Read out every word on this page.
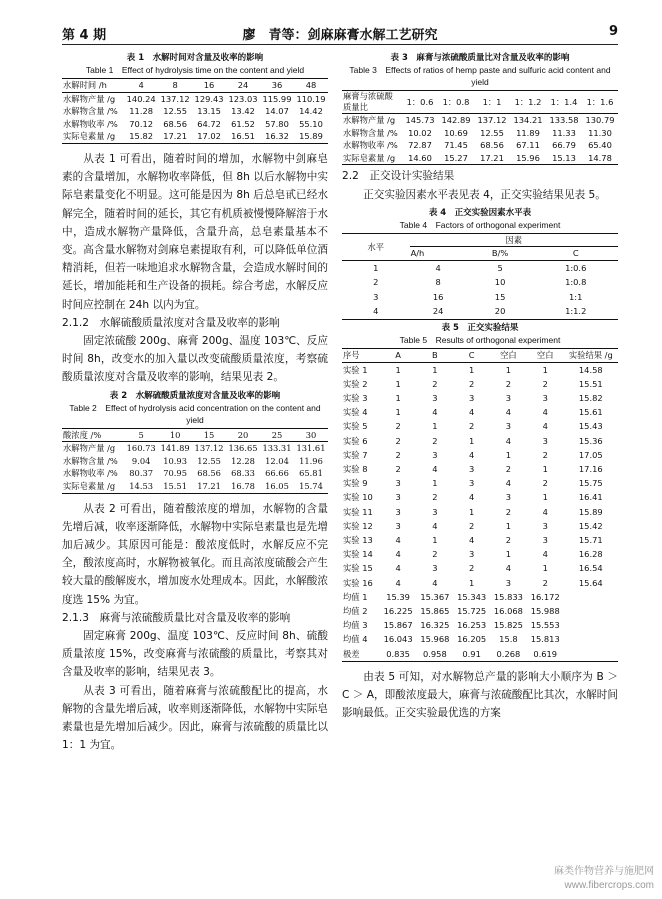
第 4 期	廖　青等：剑麻麻膏水解工艺研究	9
表 1　水解时间对含量及收率的影响
Table 1　Effect of hydrolysis time on the content and yield
水解时间 /h	4	8	16	24	36	48
水解物产量 /g	140.24	137.12	129.43	123.03	115.99	110.19
水解物含量 /%	11.28	12.55	13.15	13.42	14.07	14.42
水解物收率 /%	70.12	68.56	64.72	61.52	57.80	55.10
实际皂素量 /g	15.82	17.21	17.02	16.51	16.32	15.89

从表 1 可看出，随着时间的增加，水解物中剑麻皂素的含量增加，水解物收率降低，但 8h 以后水解物中实际皂素量变化不明显。这可能是因为 8h 后总皂甙已经水解完全，随着时间的延长，其它有机质被慢慢降解溶于水中，造成水解物产量降低，含量升高，总皂素量基本不变。高含量水解物对剑麻皂素提取有利，可以降低单位酒精消耗，但若一味地追求水解物含量，会造成水解时间的延长，增加能耗和生产设备的损耗。综合考虑，水解反应时间应控制在 24h 以内为宜。

2.1.2　水解硫酸质量浓度对含量及收率的影响

固定浓硫酸 200g、麻膏 200g、温度 103℃、反应时间 8h，改变水的加入量以改变硫酸质量浓度，考察硫酸质量浓度对含量及收率的影响，结果见表 2。

表 2　水解硫酸质量浓度对含量及收率的影响
Table 2　Effect of hydrolysis acid concentration on the content and yield
酸浓度 /%	5	10	15	20	25	30
水解物产量 /g	160.73	141.89	137.12	136.65	133.31	131.61
水解物含量 /%	9.04	10.93	12.55	12.28	12.04	11.96
水解物收率 /%	80.37	70.95	68.56	68.33	66.66	65.81
实际皂素量 /g	14.53	15.51	17.21	16.78	16.05	15.74

从表 2 可看出，随着酸浓度的增加，水解物的含量先增后减，收率逐渐降低，水解物中实际皂素量也是先增加后减少。其原因可能是：酸浓度低时，水解反应不完全，酸浓度高时，水解物被氧化。而且高浓度硫酸会产生较大量的酸解废水，增加废水处理成本。因此，水解酸浓度选 15% 为宜。

2.1.3　麻膏与浓硫酸质量比对含量及收率的影响

固定麻膏 200g、温度 103℃、反应时间 8h、硫酸质量浓度 15%，改变麻膏与浓硫酸的质量比，考察其对含量及收率的影响，结果见表 3。

从表 3 可看出，随着麻膏与浓硫酸配比的提高，水解物的含量先增后减，收率则逐渐降低，水解物中实际皂素量也是先增加后减少。因此，麻膏与浓硫酸的质量比以 1：1 为宜。

表 3　麻膏与浓硫酸质量比对含量及收率的影响
Table 3　Effects of ratios of hemp paste and sulfuric acid content and yield
麻膏与浓硫酸质量比	1：0.6	1：0.8	1：1	1：1.2	1：1.4	1：1.6
水解物产量 /g	145.73	142.89	137.12	134.21	133.58	130.79
水解物含量 /%	10.02	10.69	12.55	11.89	11.33	11.30
水解物收率 /%	72.87	71.45	68.56	67.11	66.79	65.40
实际皂素量 /g	14.60	15.27	17.21	15.96	15.13	14.78
2.2　正交设计实验结果

正交实验因素水平表见表 4，正交实验结果见表 5。

表 4　正交实验因素水平表
Table 4　Factors of orthogonal experiment
水平	因素		
	A/h	B/%	C
1	4	5	1:0.6
2	8	10	1:0.8
3	16	15	1:1
4	24	20	1:1.2
表 5　正交实验结果
Table 5　Results of orthogonal experiment
序号	A	B	C	空白	空白	实验结果 /g
实验 1	1	1	1	1	1	14.58
实验 2	1	2	2	2	2	15.51
实验 3	1	3	3	3	3	15.82
实验 4	1	4	4	4	4	15.61
实验 5	2	1	2	3	4	15.43
实验 6	2	2	1	4	3	15.36
实验 7	2	3	4	1	2	17.05
实验 8	2	4	3	2	1	17.16
实验 9	3	1	3	4	2	15.75
实验 10	3	2	4	3	1	16.41
实验 11	3	3	1	2	4	15.89
实验 12	3	4	2	1	3	15.42
实验 13	4	1	4	2	3	15.71
实验 14	4	2	3	1	4	16.28
实验 15	4	3	2	4	1	16.54
实验 16	4	4	1	3	2	15.64
均值 1	15.39	15.367	15.343	15.833	16.172	
均值 2	16.225	15.865	15.725	16.068	15.988	
均值 3	15.867	16.325	16.253	15.825	15.553	
均值 4	16.043	15.968	16.205	15.8	15.813	
极差	0.835	0.958	0.91	0.268	0.619	

由表 5 可知，对水解物总产量的影响大小顺序为 B ＞ C ＞ A，即酸浓度最大，麻膏与浓硫酸配比其次，水解时间影响最低。正交实验最优选的方案

麻类作物营养与施肥网
www.fibercrops.com
